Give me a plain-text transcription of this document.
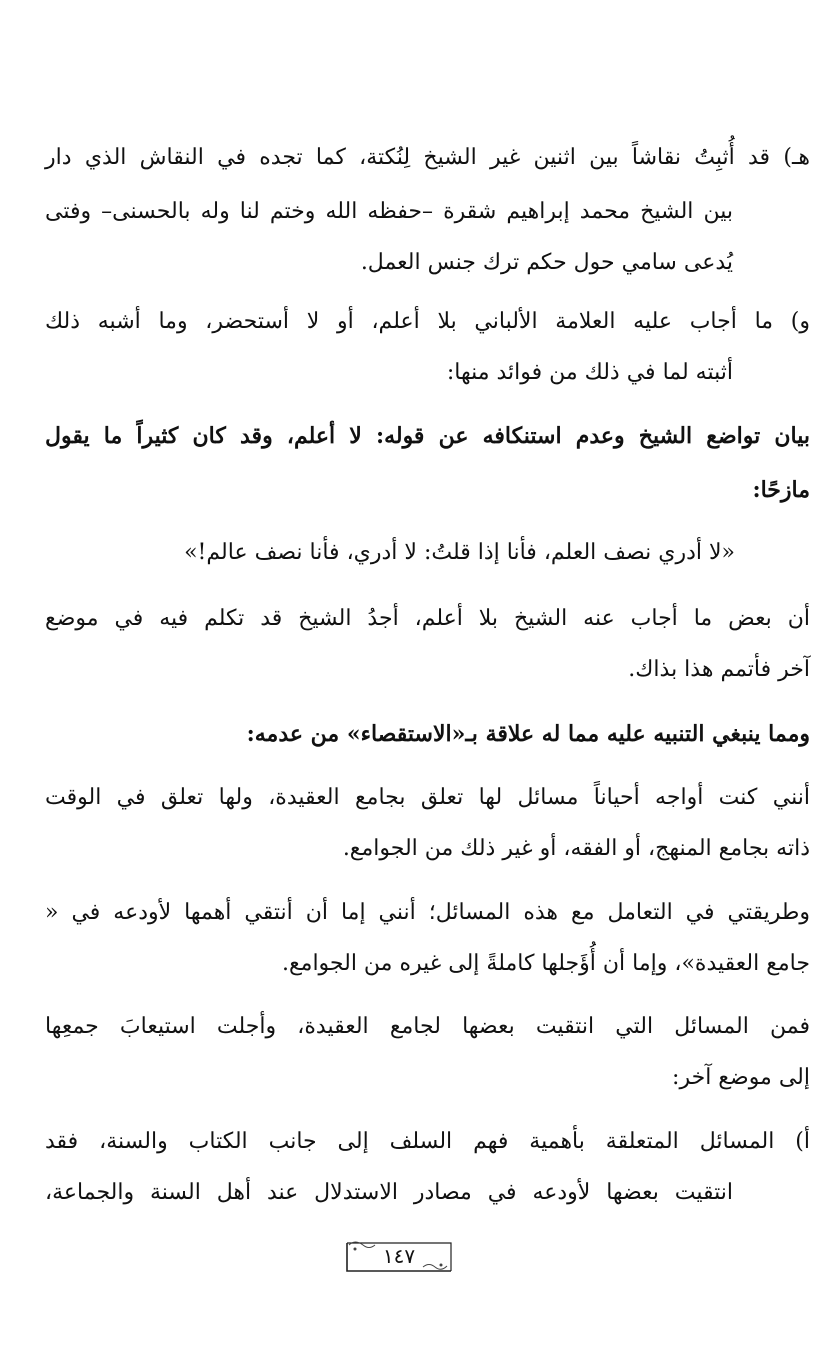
هـ) قد أُثبِتُ نقاشاً بين اثنين غير الشيخ لِنُكتة، كما تجده في النقاش الذي دار
بين الشيخ محمد إبراهيم شقرة –حفظه الله وختم لنا وله بالحسنى– وفتى
يُدعى سامي حول حكم ترك جنس العمل.
و) ما أجاب عليه العلامة الألباني بلا أعلم، أو لا أستحضر، وما أشبه ذلك
أثبته لما في ذلك من فوائد منها:
بيان تواضع الشيخ وعدم استنكافه عن قوله: لا أعلم، وقد كان كثيراً ما يقول
مازحًا:
«لا أدري نصف العلم، فأنا إذا قلتُ: لا أدري، فأنا نصف عالم!»
أن بعض ما أجاب عنه الشيخ بلا أعلم، أجدُ الشيخ قد تكلم فيه في موضع
آخر فأتمم هذا بذاك.
ومما ينبغي التنبيه عليه مما له علاقة بـ«الاستقصاء» من عدمه:
أنني كنت أواجه أحياناً مسائل لها تعلق بجامع العقيدة، ولها تعلق في الوقت
ذاته بجامع المنهج، أو الفقه، أو غير ذلك من الجوامع.
وطريقتي في التعامل مع هذه المسائل؛ أنني إما أن أنتقي أهمها لأودعه في «
جامع العقيدة»، وإما أن أُؤَجلها كاملةً إلى غيره من الجوامع.
فمن المسائل التي انتقيت بعضها لجامع العقيدة، وأجلت استيعابَ جمعِها
إلى موضع آخر:
أ) المسائل المتعلقة بأهمية فهم السلف إلى جانب الكتاب والسنة، فقد
انتقيت بعضها لأودعه في مصادر الاستدلال عند أهل السنة والجماعة،
١٤٧
